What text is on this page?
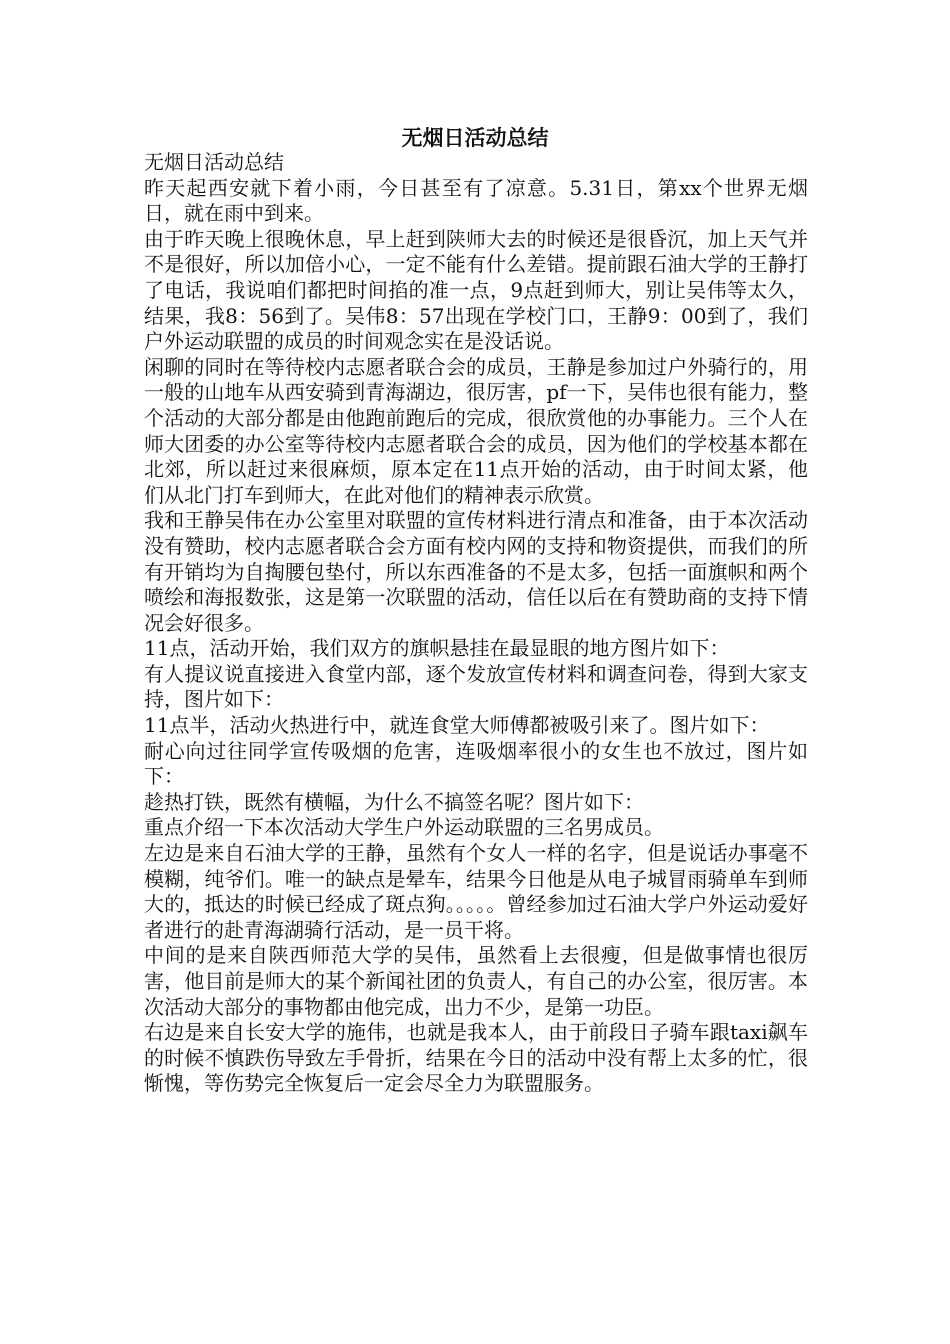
无烟日活动总结

无烟日活动总结

昨天起西安就下着小雨，今日甚至有了凉意。5.31日，第xx个世界无烟日，就在雨中到来。

由于昨天晚上很晚休息，早上赶到陕师大去的时候还是很昏沉，加上天气并不是很好，所以加倍小心，一定不能有什么差错。提前跟石油大学的王静打了电话，我说咱们都把时间掐的准一点，9点赶到师大，别让吴伟等太久，结果，我8：56到了。吴伟8：57出现在学校门口，王静9：00到了，我们户外运动联盟的成员的时间观念实在是没话说。

闲聊的同时在等待校内志愿者联合会的成员，王静是参加过户外骑行的，用一般的山地车从西安骑到青海湖边，很厉害，pf一下，吴伟也很有能力，整个活动的大部分都是由他跑前跑后的完成，很欣赏他的办事能力。三个人在师大团委的办公室等待校内志愿者联合会的成员，因为他们的学校基本都在北郊，所以赶过来很麻烦，原本定在11点开始的活动，由于时间太紧，他们从北门打车到师大，在此对他们的精神表示欣赏。

我和王静吴伟在办公室里对联盟的宣传材料进行清点和准备，由于本次活动没有赞助，校内志愿者联合会方面有校内网的支持和物资提供，而我们的所有开销均为自掏腰包垫付，所以东西准备的不是太多，包括一面旗帜和两个喷绘和海报数张，这是第一次联盟的活动，信任以后在有赞助商的支持下情况会好很多。

11点，活动开始，我们双方的旗帜悬挂在最显眼的地方图片如下：

有人提议说直接进入食堂内部，逐个发放宣传材料和调查问卷，得到大家支持，图片如下：

11点半，活动火热进行中，就连食堂大师傅都被吸引来了。图片如下：

耐心向过往同学宣传吸烟的危害，连吸烟率很小的女生也不放过，图片如下：

趁热打铁，既然有横幅，为什么不搞签名呢？图片如下：

重点介绍一下本次活动大学生户外运动联盟的三名男成员。

左边是来自石油大学的王静，虽然有个女人一样的名字，但是说话办事毫不模糊，纯爷们。唯一的缺点是晕车，结果今日他是从电子城冒雨骑单车到师大的，抵达的时候已经成了斑点狗。。。。。曾经参加过石油大学户外运动爱好者进行的赴青海湖骑行活动，是一员干将。

中间的是来自陕西师范大学的吴伟，虽然看上去很瘦，但是做事情也很厉害，他目前是师大的某个新闻社团的负责人，有自己的办公室，很厉害。本次活动大部分的事物都由他完成，出力不少，是第一功臣。

右边是来自长安大学的施伟，也就是我本人，由于前段日子骑车跟taxi飙车的时候不慎跌伤导致左手骨折，结果在今日的活动中没有帮上太多的忙，很惭愧，等伤势完全恢复后一定会尽全力为联盟服务。
